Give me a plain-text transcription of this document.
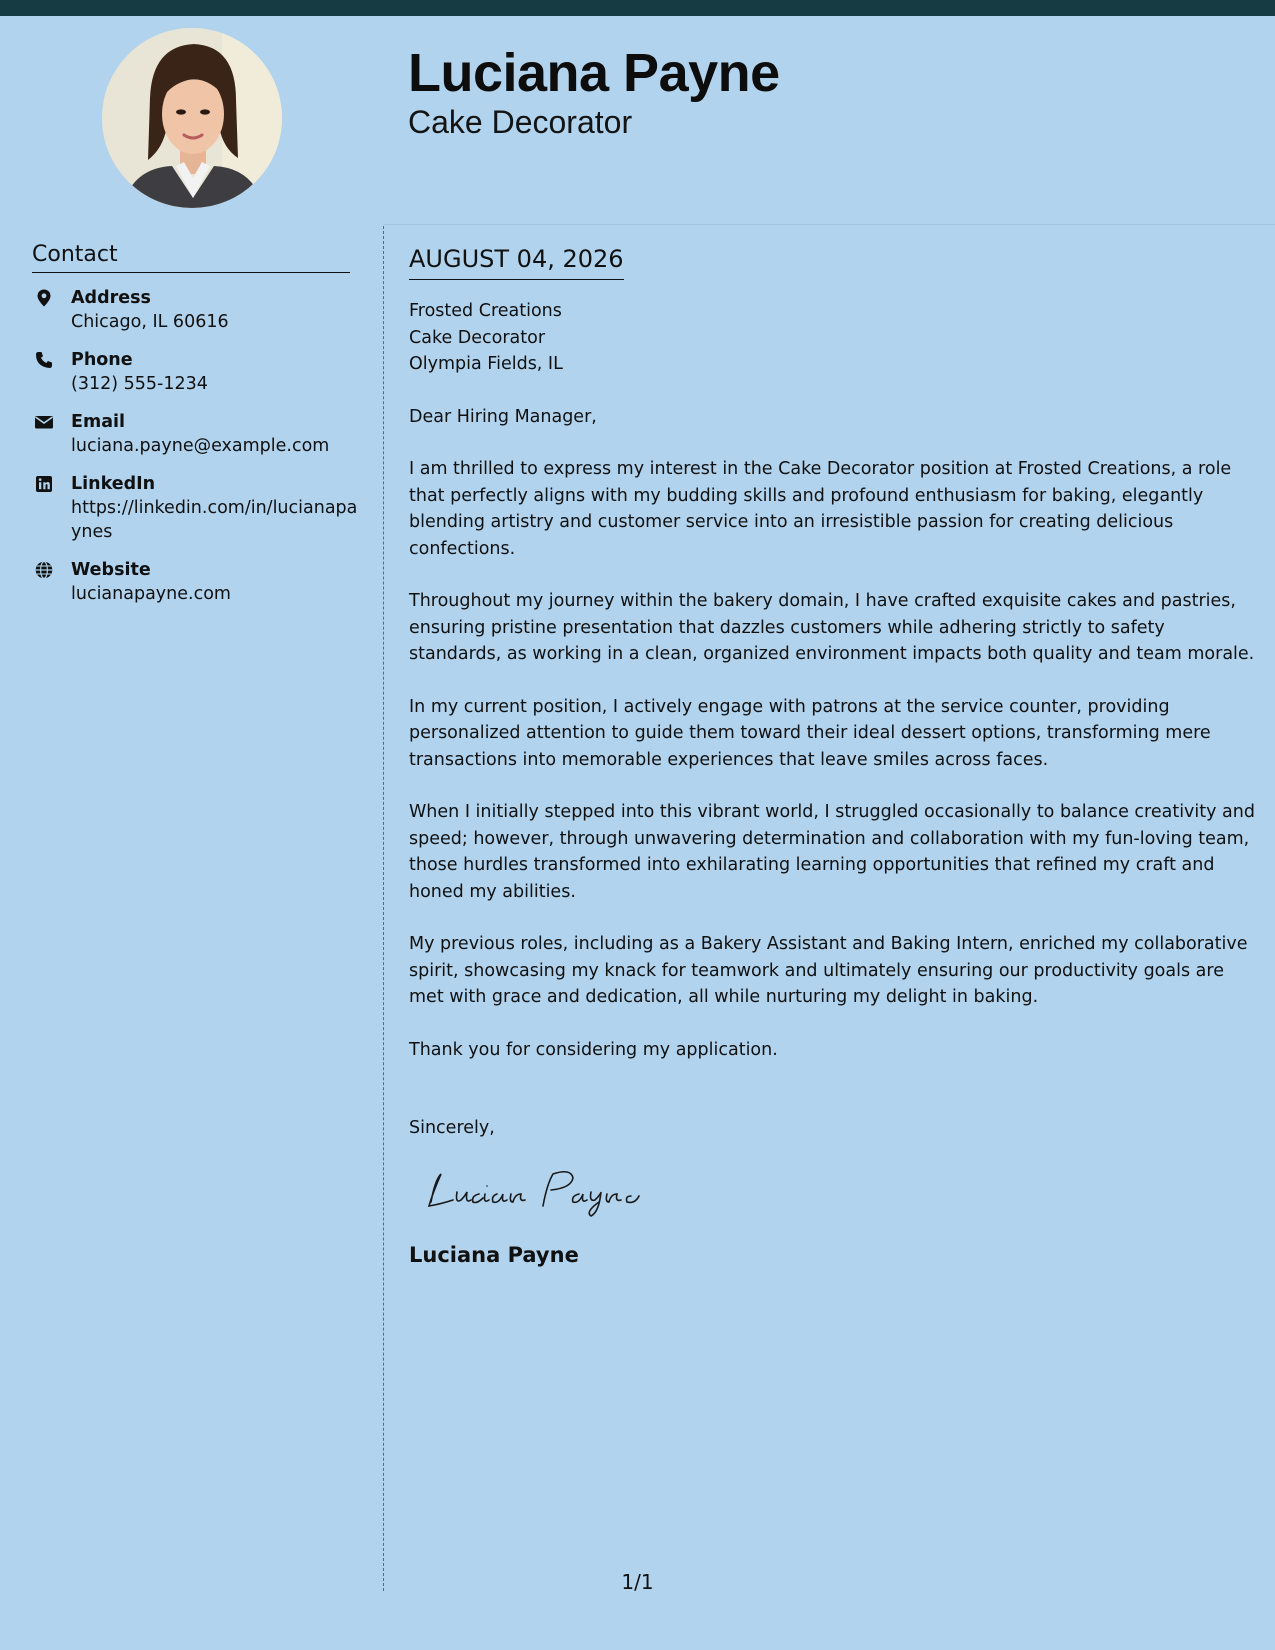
Luciana Payne
Cake Decorator
Contact
Address
Chicago, IL 60616
Phone
(312) 555-1234
Email
luciana.payne@example.com
LinkedIn
https://linkedin.com/in/lucianapaynes
Website
lucianapayne.com
AUGUST 04, 2026
Frosted Creations
Cake Decorator
Olympia Fields, IL

Dear Hiring Manager,

I am thrilled to express my interest in the Cake Decorator position at Frosted Creations, a role that perfectly aligns with my budding skills and profound enthusiasm for baking, elegantly blending artistry and customer service into an irresistible passion for creating delicious confections.

Throughout my journey within the bakery domain, I have crafted exquisite cakes and pastries, ensuring pristine presentation that dazzles customers while adhering strictly to safety standards, as working in a clean, organized environment impacts both quality and team morale.

In my current position, I actively engage with patrons at the service counter, providing personalized attention to guide them toward their ideal dessert options, transforming mere transactions into memorable experiences that leave smiles across faces.

When I initially stepped into this vibrant world, I struggled occasionally to balance creativity and speed; however, through unwavering determination and collaboration with my fun-loving team, those hurdles transformed into exhilarating learning opportunities that refined my craft and honed my abilities.

My previous roles, including as a Bakery Assistant and Baking Intern, enriched my collaborative spirit, showcasing my knack for teamwork and ultimately ensuring our productivity goals are met with grace and dedication, all while nurturing my delight in baking.

Thank you for considering my application.

Sincerely,

Luciana Payne
1/1
